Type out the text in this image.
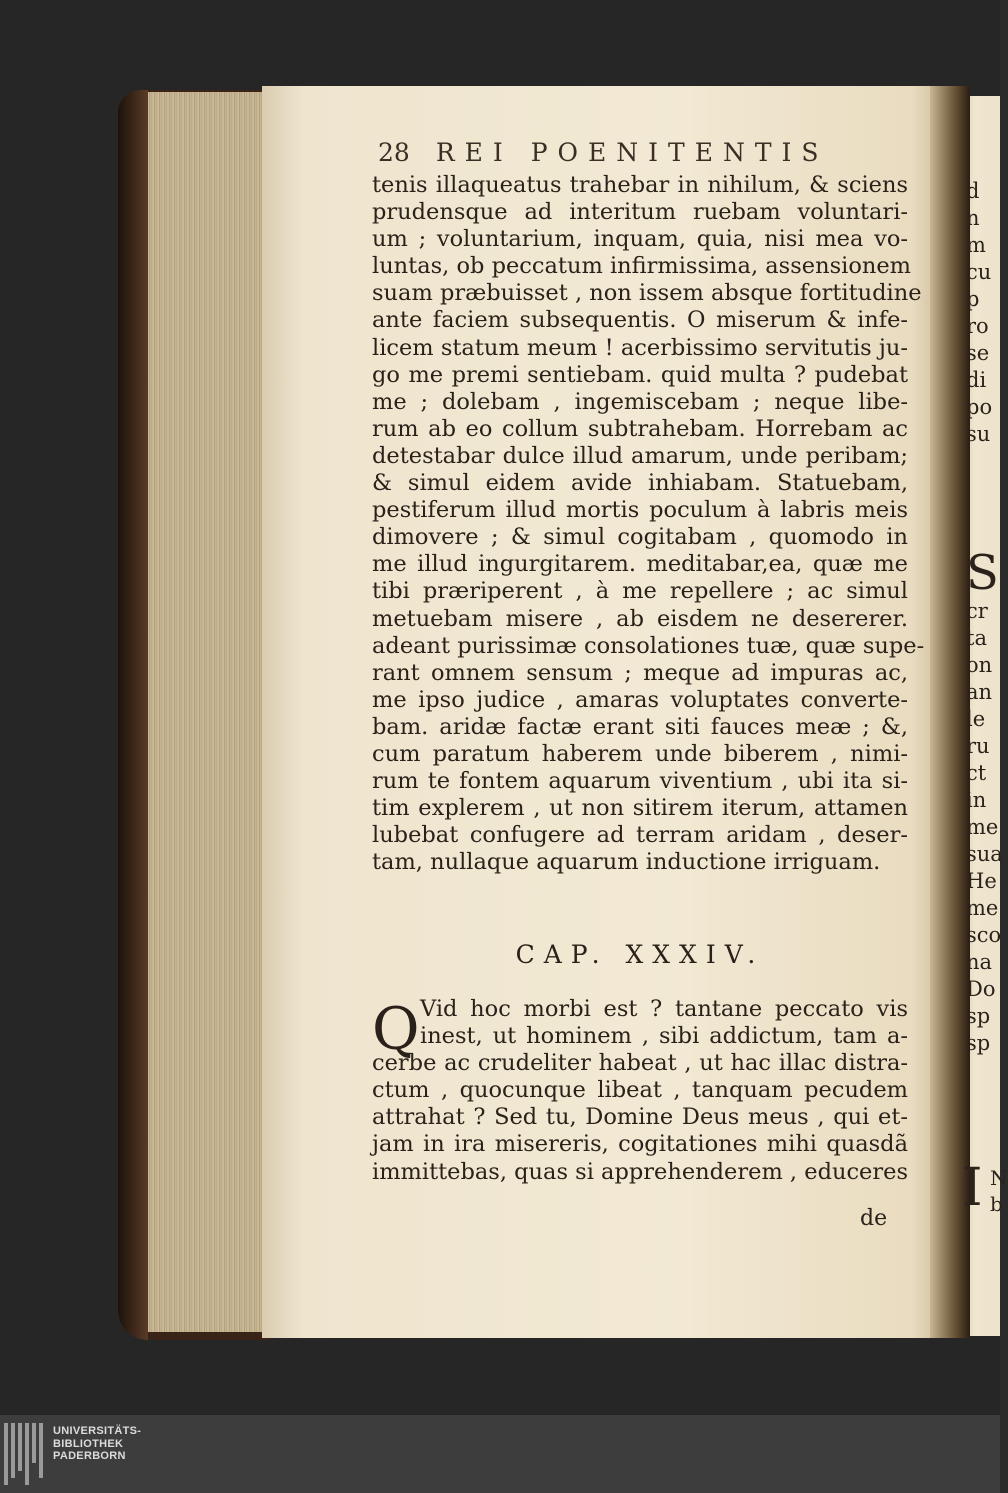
28 REI POENITENTIS
tenis illaqueatus trahebar in nihilum, & sciens
prudensque ad interitum ruebam voluntari-
um ; voluntarium, inquam, quia, nisi mea vo-
luntas, ob peccatum infirmissima, assensionem
suam præbuisset , non issem absque fortitudine
ante faciem subsequentis. O miserum & infe-
licem statum meum ! acerbissimo servitutis ju-
go me premi sentiebam. quid multa ? pudebat
me ; dolebam , ingemiscebam ; neque libe-
rum ab eo collum subtrahebam. Horrebam ac
detestabar dulce illud amarum, unde peribam;
& simul eidem avide inhiabam. Statuebam,
pestiferum illud mortis poculum à labris meis
dimovere ; & simul cogitabam , quomodo in
me illud ingurgitarem. meditabar,ea, quæ me
tibi præriperent , à me repellere ; ac simul
metuebam misere , ab eisdem ne desererer.
adeant purissimæ consolationes tuæ, quæ supe-
rant omnem sensum ; meque ad impuras ac,
me ipso judice , amaras voluptates converte-
bam. aridæ factæ erant siti fauces meæ ; &,
cum paratum haberem unde biberem , nimi-
rum te fontem aquarum viventium , ubi ita si-
tim explerem , ut non sitirem iterum, attamen
lubebat confugere ad terram aridam , deser-
tam, nullaque aquarum inductione irriguam.
CAP. XXXIV.
Q Vid hoc morbi est ? tantane peccato vis
inest, ut hominem , sibi addictum, tam a-
cerbe ac crudeliter habeat , ut hac illac distra-
ctum , quocunque libeat , tanquam pecudem
attrahat ? Sed tu, Domine Deus meus , qui et-
jam in ira misereris, cogitationes mihi quasdã
immittebas, quas si apprehenderem , educeres
de
d
n
m
cu
p
ro
se
di
po
su
S
cr
ta
on
an
le
ru
ct
in
me
sua
He
me
sco
na
Do
sp
sp
I N
b
UNIVERSITÄTS-
BIBLIOTHEK
PADERBORN
